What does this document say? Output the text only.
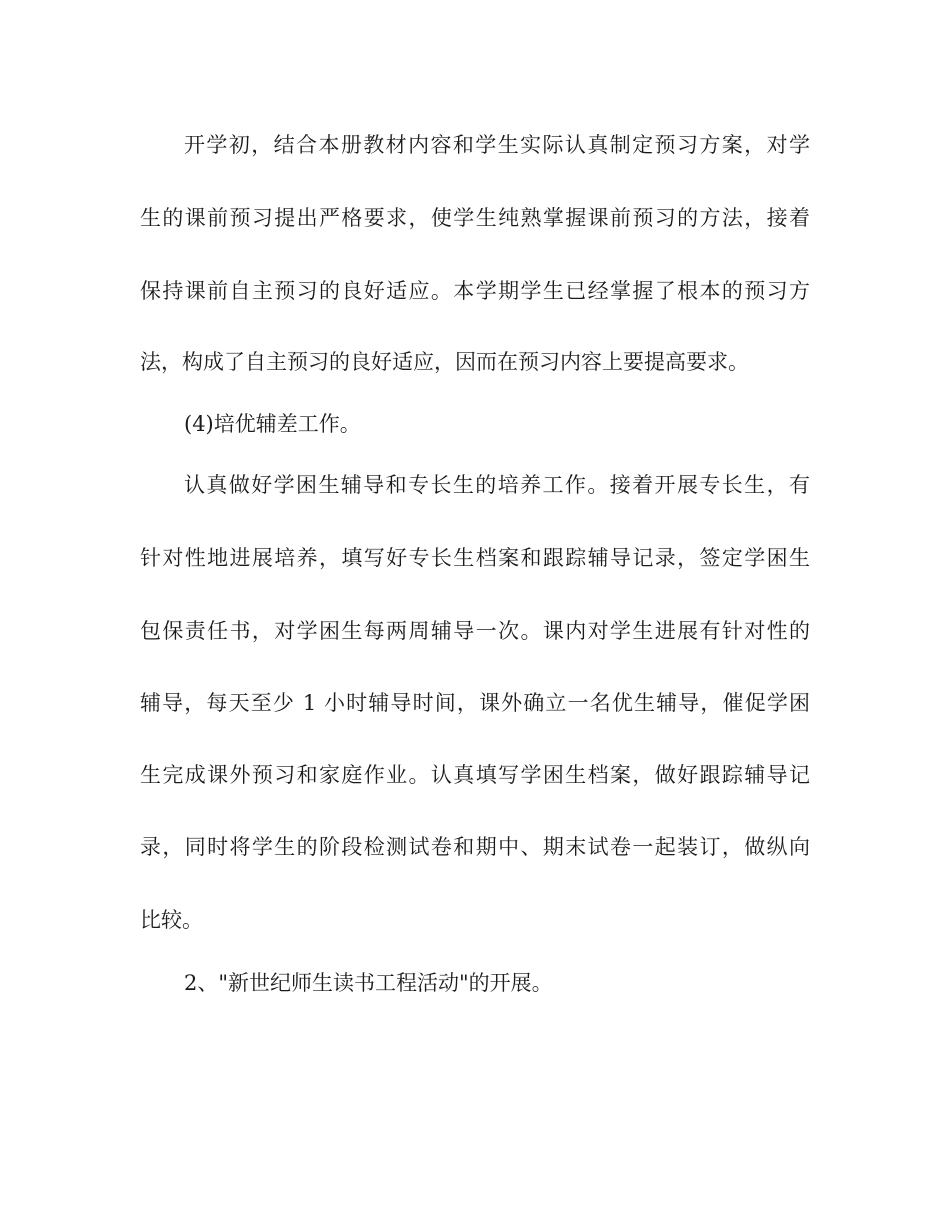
开学初，结合本册教材内容和学生实际认真制定预习方案，对学
生的课前预习提出严格要求，使学生纯熟掌握课前预习的方法，接着
保持课前自主预习的良好适应。本学期学生已经掌握了根本的预习方
法，构成了自主预习的良好适应，因而在预习内容上要提高要求。
(4)培优辅差工作。
认真做好学困生辅导和专长生的培养工作。接着开展专长生，有
针对性地进展培养，填写好专长生档案和跟踪辅导记录，签定学困生
包保责任书，对学困生每两周辅导一次。课内对学生进展有针对性的
辅导，每天至少 1 小时辅导时间，课外确立一名优生辅导，催促学困
生完成课外预习和家庭作业。认真填写学困生档案，做好跟踪辅导记
录，同时将学生的阶段检测试卷和期中、期末试卷一起装订，做纵向
比较。
2、"新世纪师生读书工程活动"的开展。
